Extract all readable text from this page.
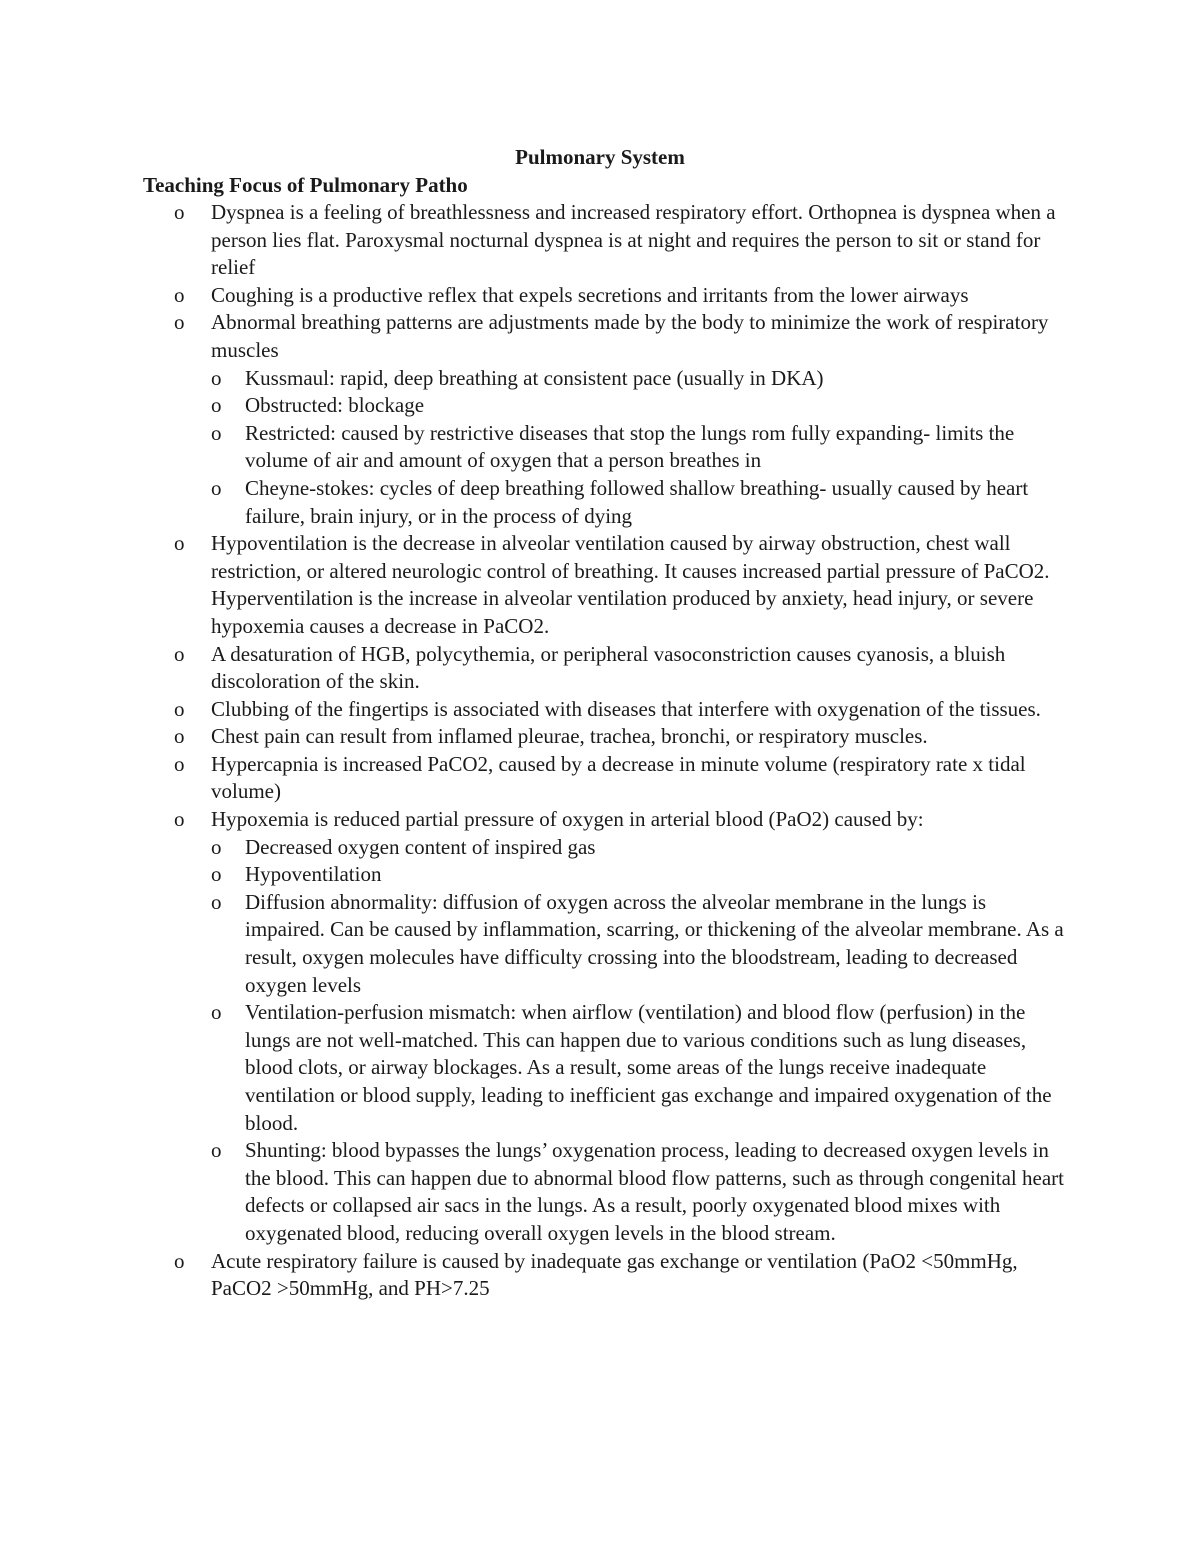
Pulmonary System
Teaching Focus of Pulmonary Patho
o Dyspnea is a feeling of breathlessness and increased respiratory effort. Orthopnea is dyspnea when a person lies flat. Paroxysmal nocturnal dyspnea is at night and requires the person to sit or stand for relief
o Coughing is a productive reflex that expels secretions and irritants from the lower airways
o Abnormal breathing patterns are adjustments made by the body to minimize the work of respiratory muscles
o Kussmaul: rapid, deep breathing at consistent pace (usually in DKA)
o Obstructed: blockage
o Restricted: caused by restrictive diseases that stop the lungs rom fully expanding- limits the volume of air and amount of oxygen that a person breathes in
o Cheyne-stokes: cycles of deep breathing followed shallow breathing- usually caused by heart failure, brain injury, or in the process of dying
o Hypoventilation is the decrease in alveolar ventilation caused by airway obstruction, chest wall restriction, or altered neurologic control of breathing. It causes increased partial pressure of PaCO2. Hyperventilation is the increase in alveolar ventilation produced by anxiety, head injury, or severe hypoxemia causes a decrease in PaCO2.
o A desaturation of HGB, polycythemia, or peripheral vasoconstriction causes cyanosis, a bluish discoloration of the skin.
o Clubbing of the fingertips is associated with diseases that interfere with oxygenation of the tissues.
o Chest pain can result from inflamed pleurae, trachea, bronchi, or respiratory muscles.
o Hypercapnia is increased PaCO2, caused by a decrease in minute volume (respiratory rate x tidal volume)
o Hypoxemia is reduced partial pressure of oxygen in arterial blood (PaO2) caused by:
o Decreased oxygen content of inspired gas
o Hypoventilation
o Diffusion abnormality: diffusion of oxygen across the alveolar membrane in the lungs is impaired. Can be caused by inflammation, scarring, or thickening of the alveolar membrane. As a result, oxygen molecules have difficulty crossing into the bloodstream, leading to decreased oxygen levels
o Ventilation-perfusion mismatch: when airflow (ventilation) and blood flow (perfusion) in the lungs are not well-matched. This can happen due to various conditions such as lung diseases, blood clots, or airway blockages. As a result, some areas of the lungs receive inadequate ventilation or blood supply, leading to inefficient gas exchange and impaired oxygenation of the blood.
o Shunting: blood bypasses the lungs’ oxygenation process, leading to decreased oxygen levels in the blood. This can happen due to abnormal blood flow patterns, such as through congenital heart defects or collapsed air sacs in the lungs. As a result, poorly oxygenated blood mixes with oxygenated blood, reducing overall oxygen levels in the blood stream.
o Acute respiratory failure is caused by inadequate gas exchange or ventilation (PaO2 <50mmHg, PaCO2 >50mmHg, and PH>7.25
